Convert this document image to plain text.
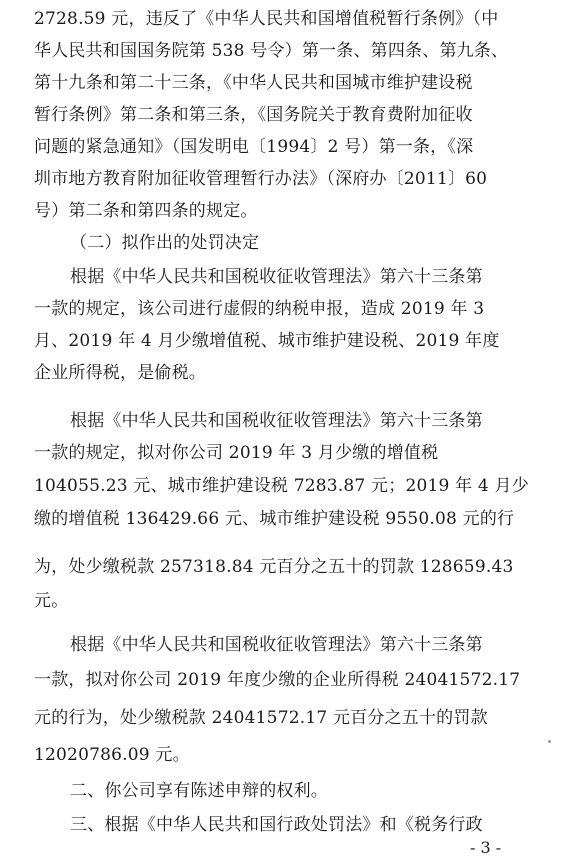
2728.59 元，违反了《中华人民共和国增值税暂行条例》（中
华人民共和国国务院第 538 号令）第一条、第四条、第九条、
第十九条和第二十三条，《中华人民共和国城市维护建设税
暂行条例》第二条和第三条，《国务院关于教育费附加征收
问题的紧急通知》（国发明电〔1994〕2 号）第一条，《深
圳市地方教育附加征收管理暂行办法》（深府办〔2011〕60
号）第二条和第四条的规定。
（二）拟作出的处罚决定
根据《中华人民共和国税收征收管理法》第六十三条第
一款的规定，该公司进行虚假的纳税申报，造成 2019 年 3
月、2019 年 4 月少缴增值税、城市维护建设税、2019 年度
企业所得税，是偷税。
根据《中华人民共和国税收征收管理法》第六十三条第
一款的规定，拟对你公司 2019 年 3 月少缴的增值税
104055.23 元、城市维护建设税 7283.87 元；2019 年 4 月少
缴的增值税 136429.66 元、城市维护建设税 9550.08 元的行
为，处少缴税款 257318.84 元百分之五十的罚款 128659.43
元。
根据《中华人民共和国税收征收管理法》第六十三条第
一款，拟对你公司 2019 年度少缴的企业所得税 24041572.17
元的行为，处少缴税款 24041572.17 元百分之五十的罚款
12020786.09 元。
二、你公司享有陈述申辩的权利。
三、根据《中华人民共和国行政处罚法》和《税务行政
- 3 -
